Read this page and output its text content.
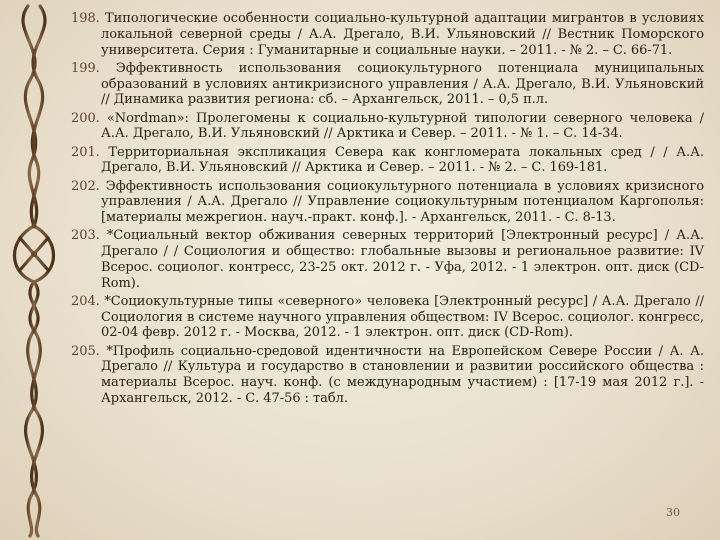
198. Типологические особенности социально-культурной адаптации мигрантов в условиях локальной северной среды / А.А. Дрегало, В.И. Ульяновский // Вестник Поморского университета. Серия : Гуманитарные и социальные науки. – 2011. - № 2. – С. 66-71.

199. Эффективность использования социокультурного потенциала муниципальных образований в условиях антикризисного управления / А.А. Дрегало, В.И. Ульяновский // Динамика развития региона: сб. – Архангельск, 2011. – 0,5 п.л.

200. «Nordman»: Пролегомены к социально-культурной типологии северного человека / А.А. Дрегало, В.И. Ульяновский // Арктика и Север. – 2011. - № 1. – С. 14-34.

201. Территориальная экспликация Севера как конгломерата локальных сред / / А.А. Дрегало, В.И. Ульяновский // Арктика и Север. – 2011. - № 2. – С. 169-181.

202. Эффективность использования социокультурного потенциала в условиях кризисного управления / А.А. Дрегало // Управление социокультурным потенциалом Каргополья: [материалы межрегион. науч.-практ. конф.]. - Архангельск, 2011. - С. 8-13.

203. *Социальный вектор обживания северных территорий [Электронный ресурс] / А.А. Дрегало / / Социология и общество: глобальные вызовы и региональное развитие: IV Всерос. социолог. контресс, 23-25 окт. 2012 г. - Уфа, 2012. - 1 электрон. опт. диск (CD-Rom).

204. *Социокультурные типы «северного» человека [Электронный ресурс] / А.А. Дрегало // Социология в системе научного управления обществом: IV Всерос. социолог. конгресс, 02-04 февр. 2012 г. - Москва, 2012. - 1 электрон. опт. диск (CD-Rom).

205. *Профиль социально-средовой идентичности на Европейском Севере России / А. А. Дрегало // Культура и государство в становлении и развитии российского общества : материалы Всерос. науч. конф. (с международным участием) : [17-19 мая 2012 г.]. - Архангельск, 2012. - С. 47-56 : табл.

30
